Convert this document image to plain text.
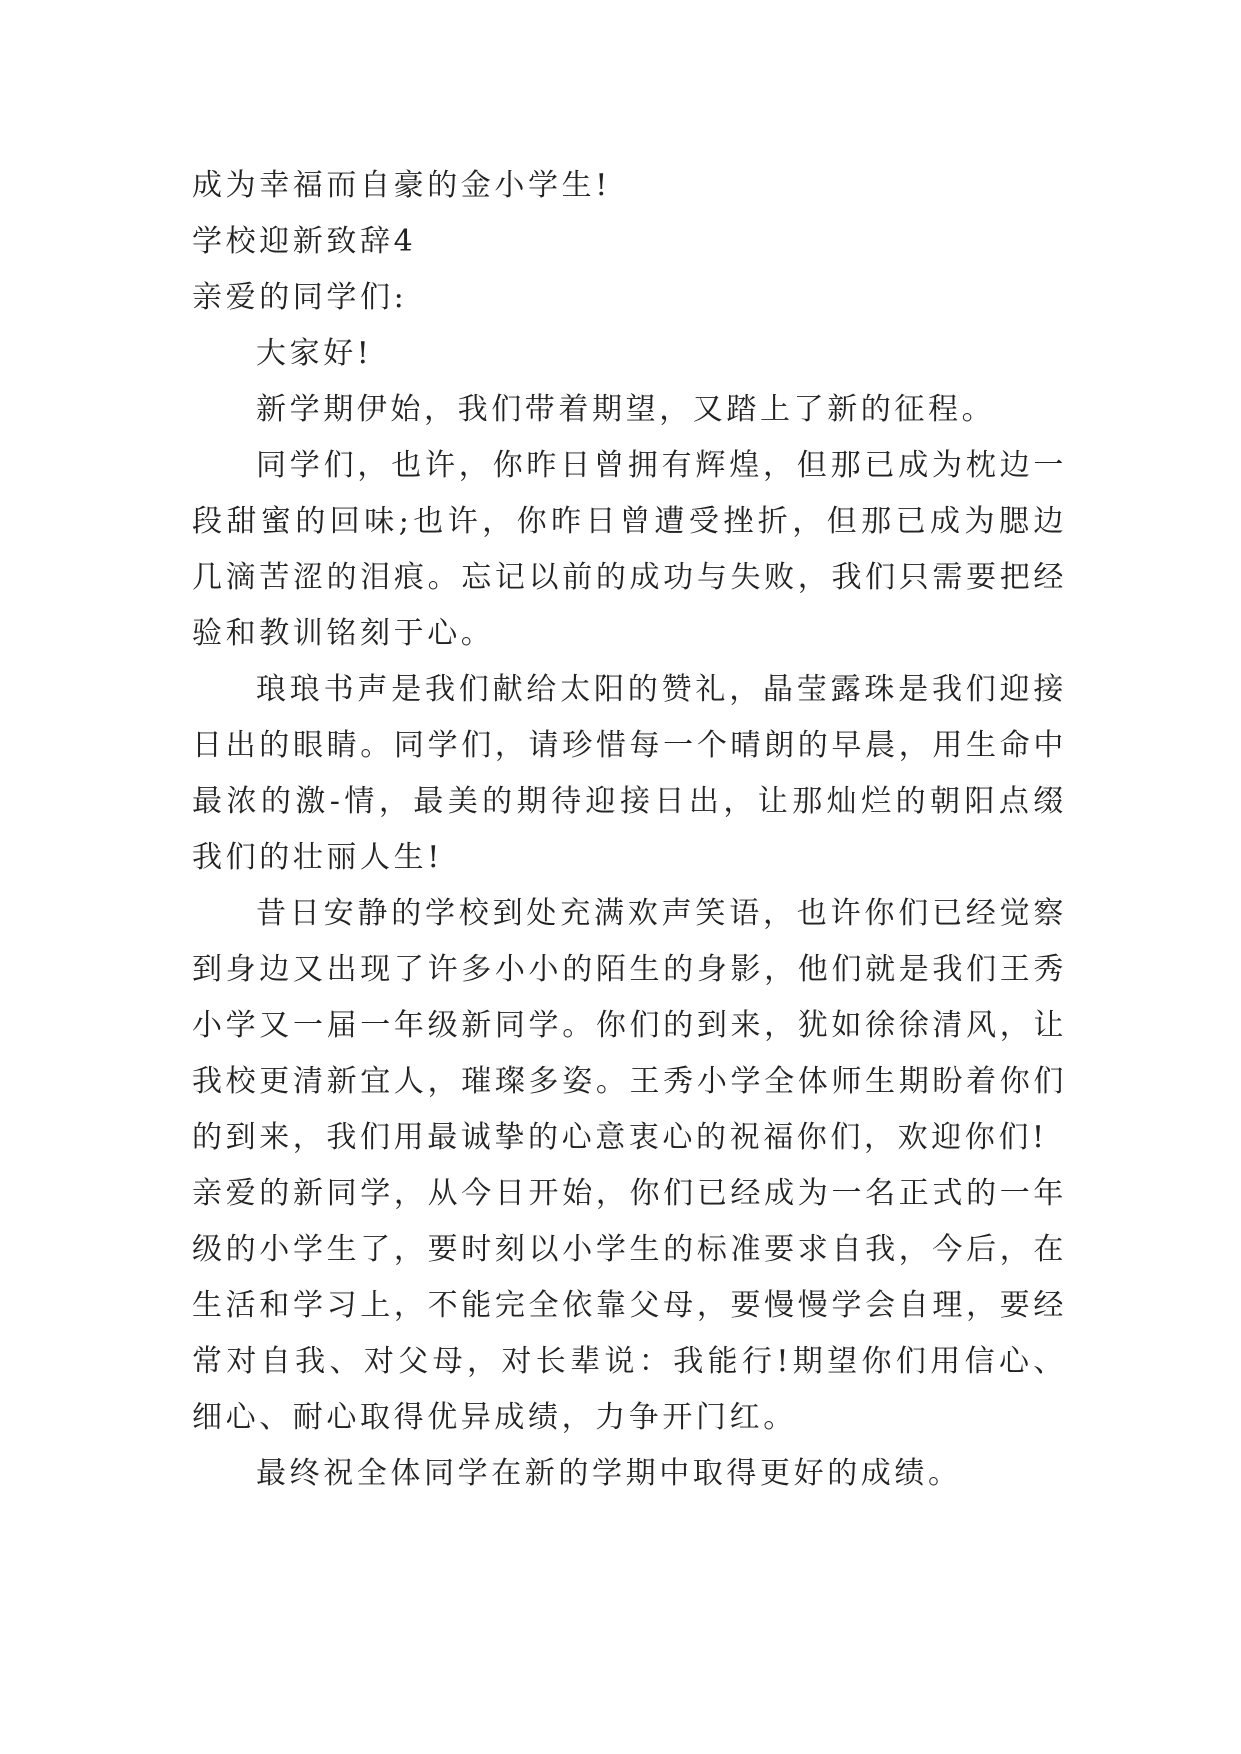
成为幸福而自豪的金小学生!

学校迎新致辞4

亲爱的同学们:

大家好!

新学期伊始，我们带着期望，又踏上了新的征程。

同学们，也许，你昨日曾拥有辉煌，但那已成为枕边一段甜蜜的回味;也许，你昨日曾遭受挫折，但那已成为腮边几滴苦涩的泪痕。忘记以前的成功与失败，我们只需要把经验和教训铭刻于心。

琅琅书声是我们献给太阳的赞礼，晶莹露珠是我们迎接日出的眼睛。同学们，请珍惜每一个晴朗的早晨，用生命中最浓的激-情，最美的期待迎接日出，让那灿烂的朝阳点缀我们的壮丽人生!

昔日安静的学校到处充满欢声笑语，也许你们已经觉察到身边又出现了许多小小的陌生的身影，他们就是我们王秀小学又一届一年级新同学。你们的到来，犹如徐徐清风，让我校更清新宜人，璀璨多姿。王秀小学全体师生期盼着你们的到来，我们用最诚挚的心意衷心的祝福你们，欢迎你们!

亲爱的新同学，从今日开始，你们已经成为一名正式的一年级的小学生了，要时刻以小学生的标准要求自我，今后，在生活和学习上，不能完全依靠父母，要慢慢学会自理，要经常对自我、对父母，对长辈说：我能行!期望你们用信心、细心、耐心取得优异成绩，力争开门红。

最终祝全体同学在新的学期中取得更好的成绩。
